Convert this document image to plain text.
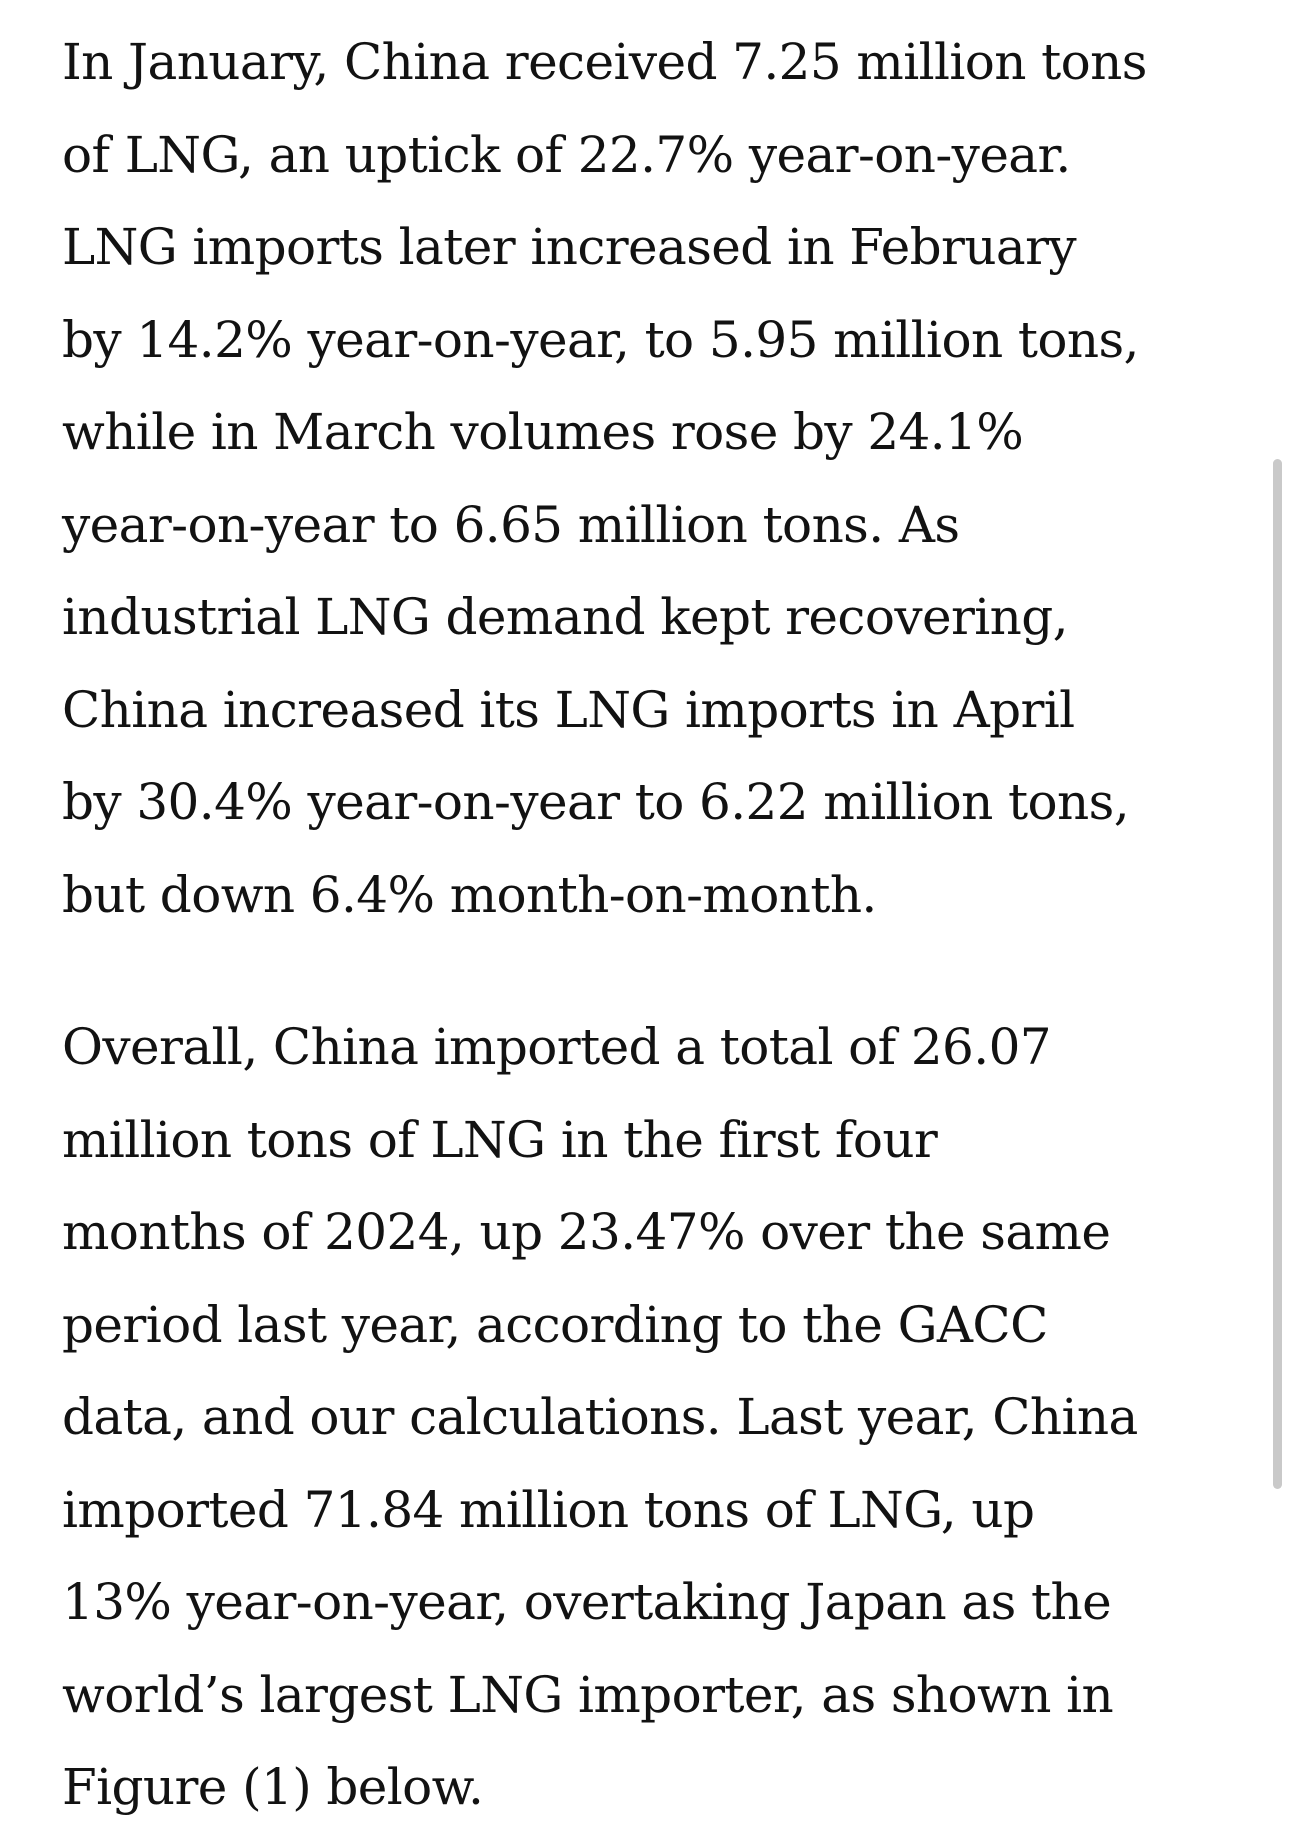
In January, China received 7.25 million tons
of LNG, an uptick of 22.7% year-on-year.
LNG imports later increased in February
by 14.2% year-on-year, to 5.95 million tons,
while in March volumes rose by 24.1%
year-on-year to 6.65 million tons. As
industrial LNG demand kept recovering,
China increased its LNG imports in April
by 30.4% year-on-year to 6.22 million tons,
but down 6.4% month-on-month.

Overall, China imported a total of 26.07
million tons of LNG in the first four
months of 2024, up 23.47% over the same
period last year, according to the GACC
data, and our calculations. Last year, China
imported 71.84 million tons of LNG, up
13% year-on-year, overtaking Japan as the
world’s largest LNG importer, as shown in
Figure (1) below.
